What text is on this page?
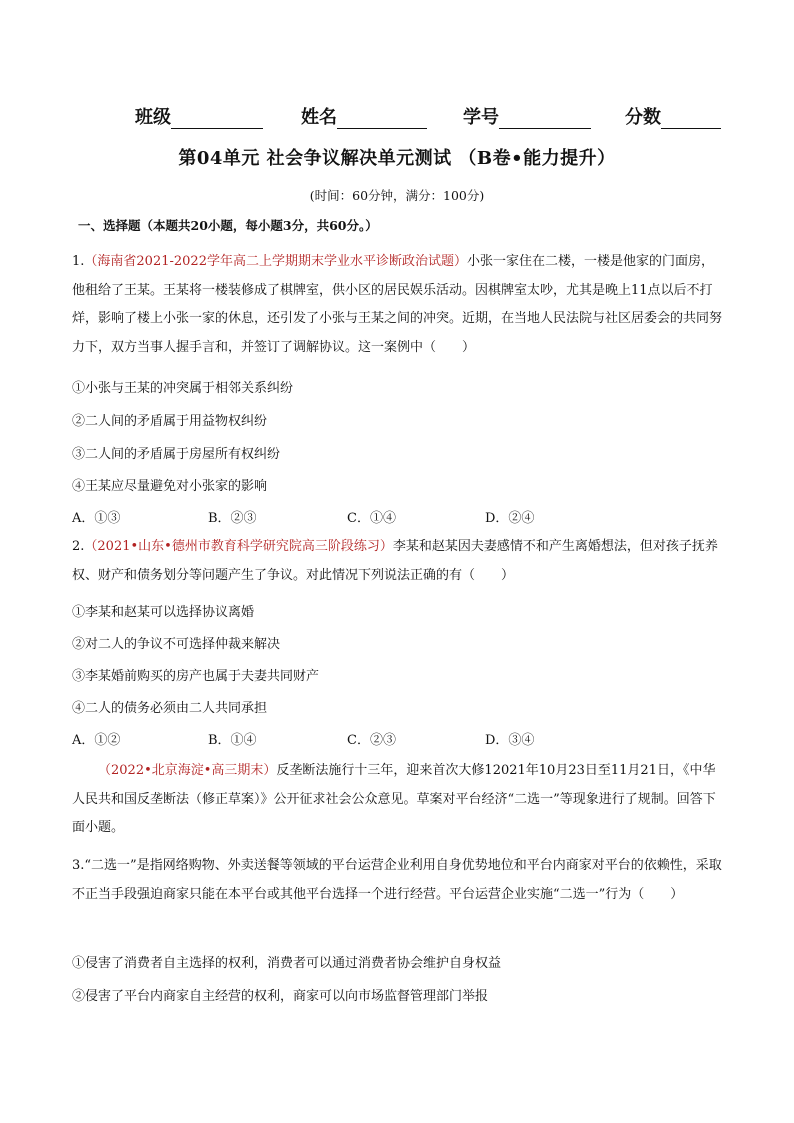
班级	姓名	学号	分数
第04单元 社会争议解决单元测试 （B卷•能力提升）
(时间：60分钟，满分：100分)
一、选择题（本题共20小题，每小题3分，共60分。）
1.（海南省2021-2022学年高二上学期期末学业水平诊断政治试题）小张一家住在二楼，一楼是他家的门面房，他租给了王某。王某将一楼装修成了棋牌室，供小区的居民娱乐活动。因棋牌室太吵，尤其是晚上11点以后不打烊，影响了楼上小张一家的休息，还引发了小张与王某之间的冲突。近期，在当地人民法院与社区居委会的共同努力下，双方当事人握手言和，并签订了调解协议。这一案例中（　　）
①小张与王某的冲突属于相邻关系纠纷
②二人间的矛盾属于用益物权纠纷
③二人间的矛盾属于房屋所有权纠纷
④王某应尽量避免对小张家的影响
A．①③	B．②③	C．①④	D．②④
2.（2021•山东•德州市教育科学研究院高三阶段练习）李某和赵某因夫妻感情不和产生离婚想法，但对孩子抚养权、财产和债务划分等问题产生了争议。对此情况下列说法正确的有（　　）
①李某和赵某可以选择协议离婚
②对二人的争议不可选择仲裁来解决
③李某婚前购买的房产也属于夫妻共同财产
④二人的债务必须由二人共同承担
A．①②	B．①④	C．②③	D．③④
（2022•北京海淀•高三期末）反垄断法施行十三年，迎来首次大修12021年10月23日至11月21日，《中华人民共和国反垄断法（修正草案）》公开征求社会公众意见。草案对平台经济“二选一”等现象进行了规制。回答下面小题。
3.“二选一”是指网络购物、外卖送餐等领域的平台运营企业利用自身优势地位和平台内商家对平台的依赖性，采取不正当手段强迫商家只能在本平台或其他平台选择一个进行经营。平台运营企业实施“二选一”行为（　　）
①侵害了消费者自主选择的权利，消费者可以通过消费者协会维护自身权益
②侵害了平台内商家自主经营的权利，商家可以向市场监督管理部门举报
